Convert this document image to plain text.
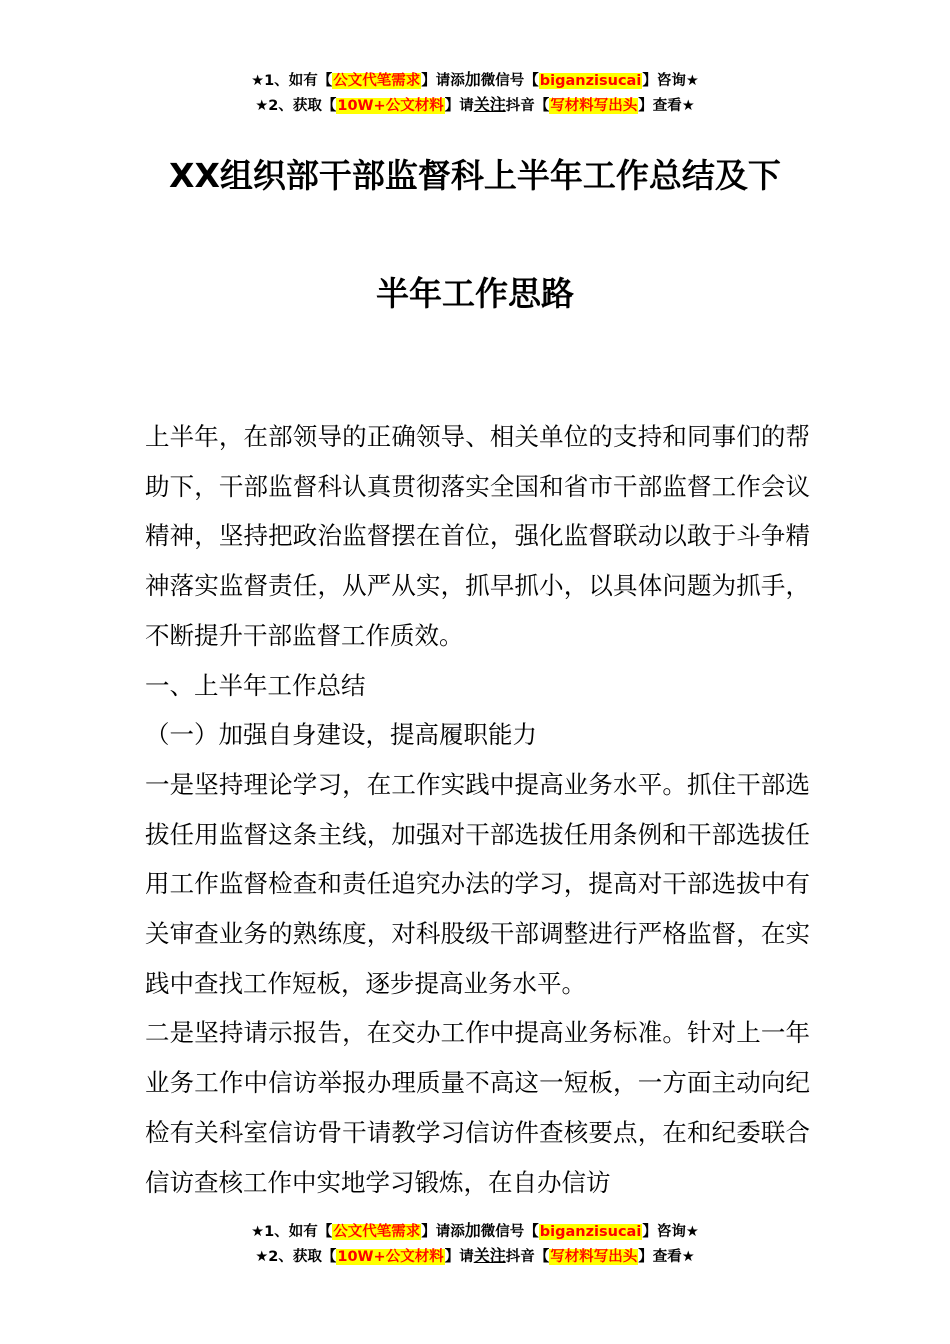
★1、如有【公文代笔需求】请添加微信号【biganzisucai】咨询★
★2、获取【10W+公文材料】请关注抖音【写材料写出头】查看★
XX组织部干部监督科上半年工作总结及下
半年工作思路

上半年，在部领导的正确领导、相关单位的支持和同事们的帮助下，干部监督科认真贯彻落实全国和省市干部监督工作会议精神，坚持把政治监督摆在首位，强化监督联动以敢于斗争精神落实监督责任，从严从实，抓早抓小，以具体问题为抓手，不断提升干部监督工作质效。

一、上半年工作总结

（一）加强自身建设，提高履职能力

一是坚持理论学习，在工作实践中提高业务水平。抓住干部选拔任用监督这条主线，加强对干部选拔任用条例和干部选拔任用工作监督检查和责任追究办法的学习，提高对干部选拔中有关审查业务的熟练度，对科股级干部调整进行严格监督，在实践中查找工作短板，逐步提高业务水平。

二是坚持请示报告，在交办工作中提高业务标准。针对上一年业务工作中信访举报办理质量不高这一短板，一方面主动向纪检有关科室信访骨干请教学习信访件查核要点，在和纪委联合信访查核工作中实地学习锻炼，在自办信访

★1、如有【公文代笔需求】请添加微信号【biganzisucai】咨询★
★2、获取【10W+公文材料】请关注抖音【写材料写出头】查看★
